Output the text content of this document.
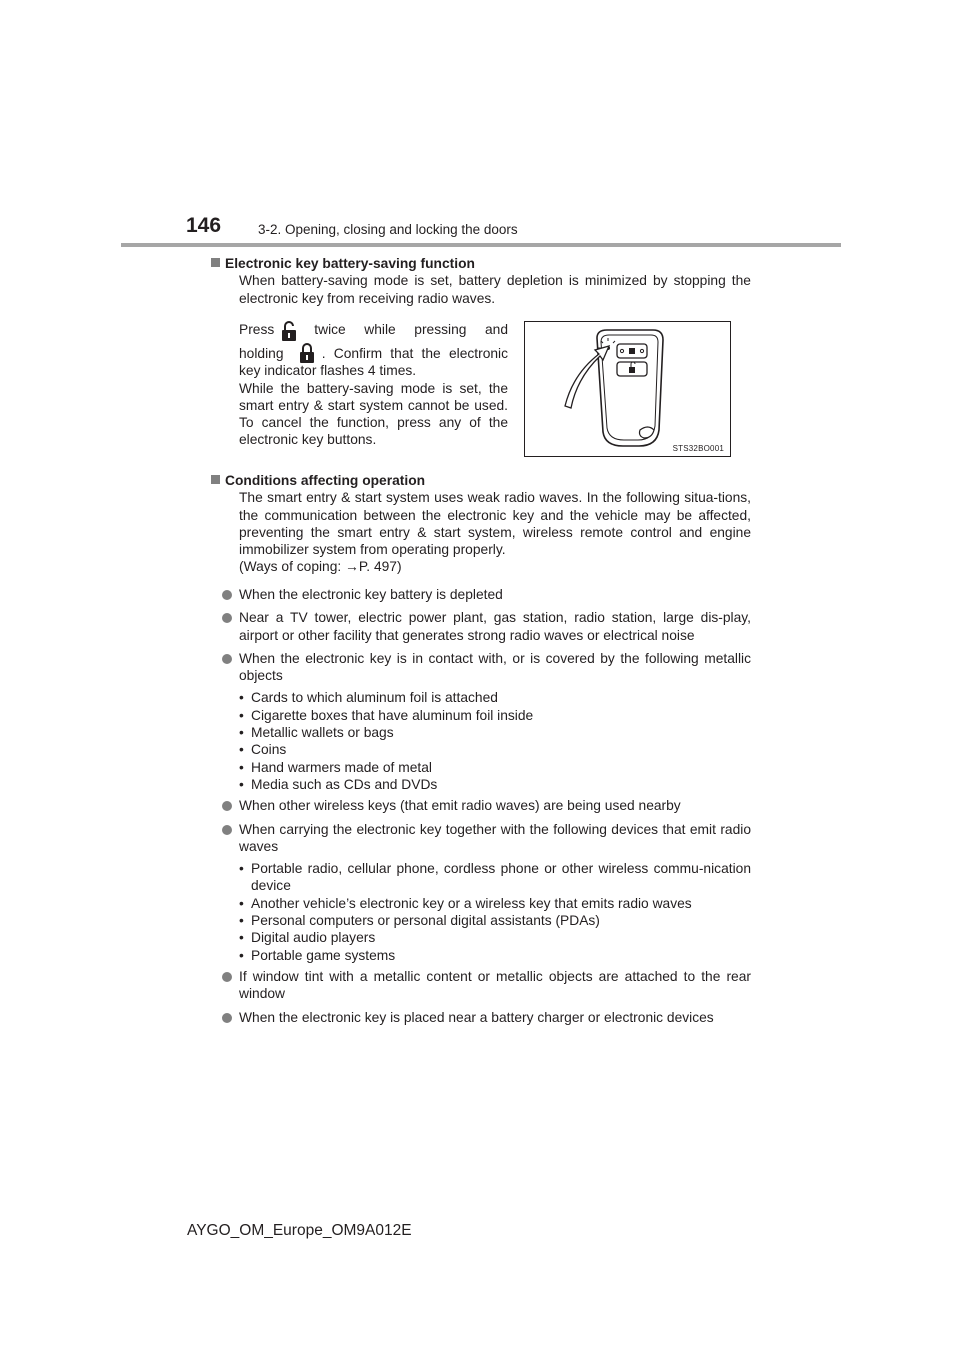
146	3-2. Opening, closing and locking the doors
Electronic key battery-saving function
When battery-saving mode is set, battery depletion is minimized by stopping the electronic key from receiving radio waves.
Press	twice while pressing and
holding	. Confirm that the electronic key indicator flashes 4 times.
While the battery-saving mode is set, the smart entry & start system cannot be used. To cancel the function, press any of the electronic key buttons.
STS32BO001
Conditions affecting operation
The smart entry & start system uses weak radio waves. In the following situa-tions, the communication between the electronic key and the vehicle may be affected, preventing the smart entry & start system, wireless remote control and engine immobilizer system from operating properly.
(Ways of coping: →P. 497)
When the electronic key battery is depleted
Near a TV tower, electric power plant, gas station, radio station, large dis-play, airport or other facility that generates strong radio waves or electrical noise
When the electronic key is in contact with, or is covered by the following metallic objects
• Cards to which aluminum foil is attached
• Cigarette boxes that have aluminum foil inside
• Metallic wallets or bags
• Coins
• Hand warmers made of metal
• Media such as CDs and DVDs
When other wireless keys (that emit radio waves) are being used nearby
When carrying the electronic key together with the following devices that emit radio waves
• Portable radio, cellular phone, cordless phone or other wireless commu-nication device
• Another vehicle’s electronic key or a wireless key that emits radio waves
• Personal computers or personal digital assistants (PDAs)
• Digital audio players
• Portable game systems
If window tint with a metallic content or metallic objects are attached to the rear window
When the electronic key is placed near a battery charger or electronic devices
AYGO_OM_Europe_OM9A012E
